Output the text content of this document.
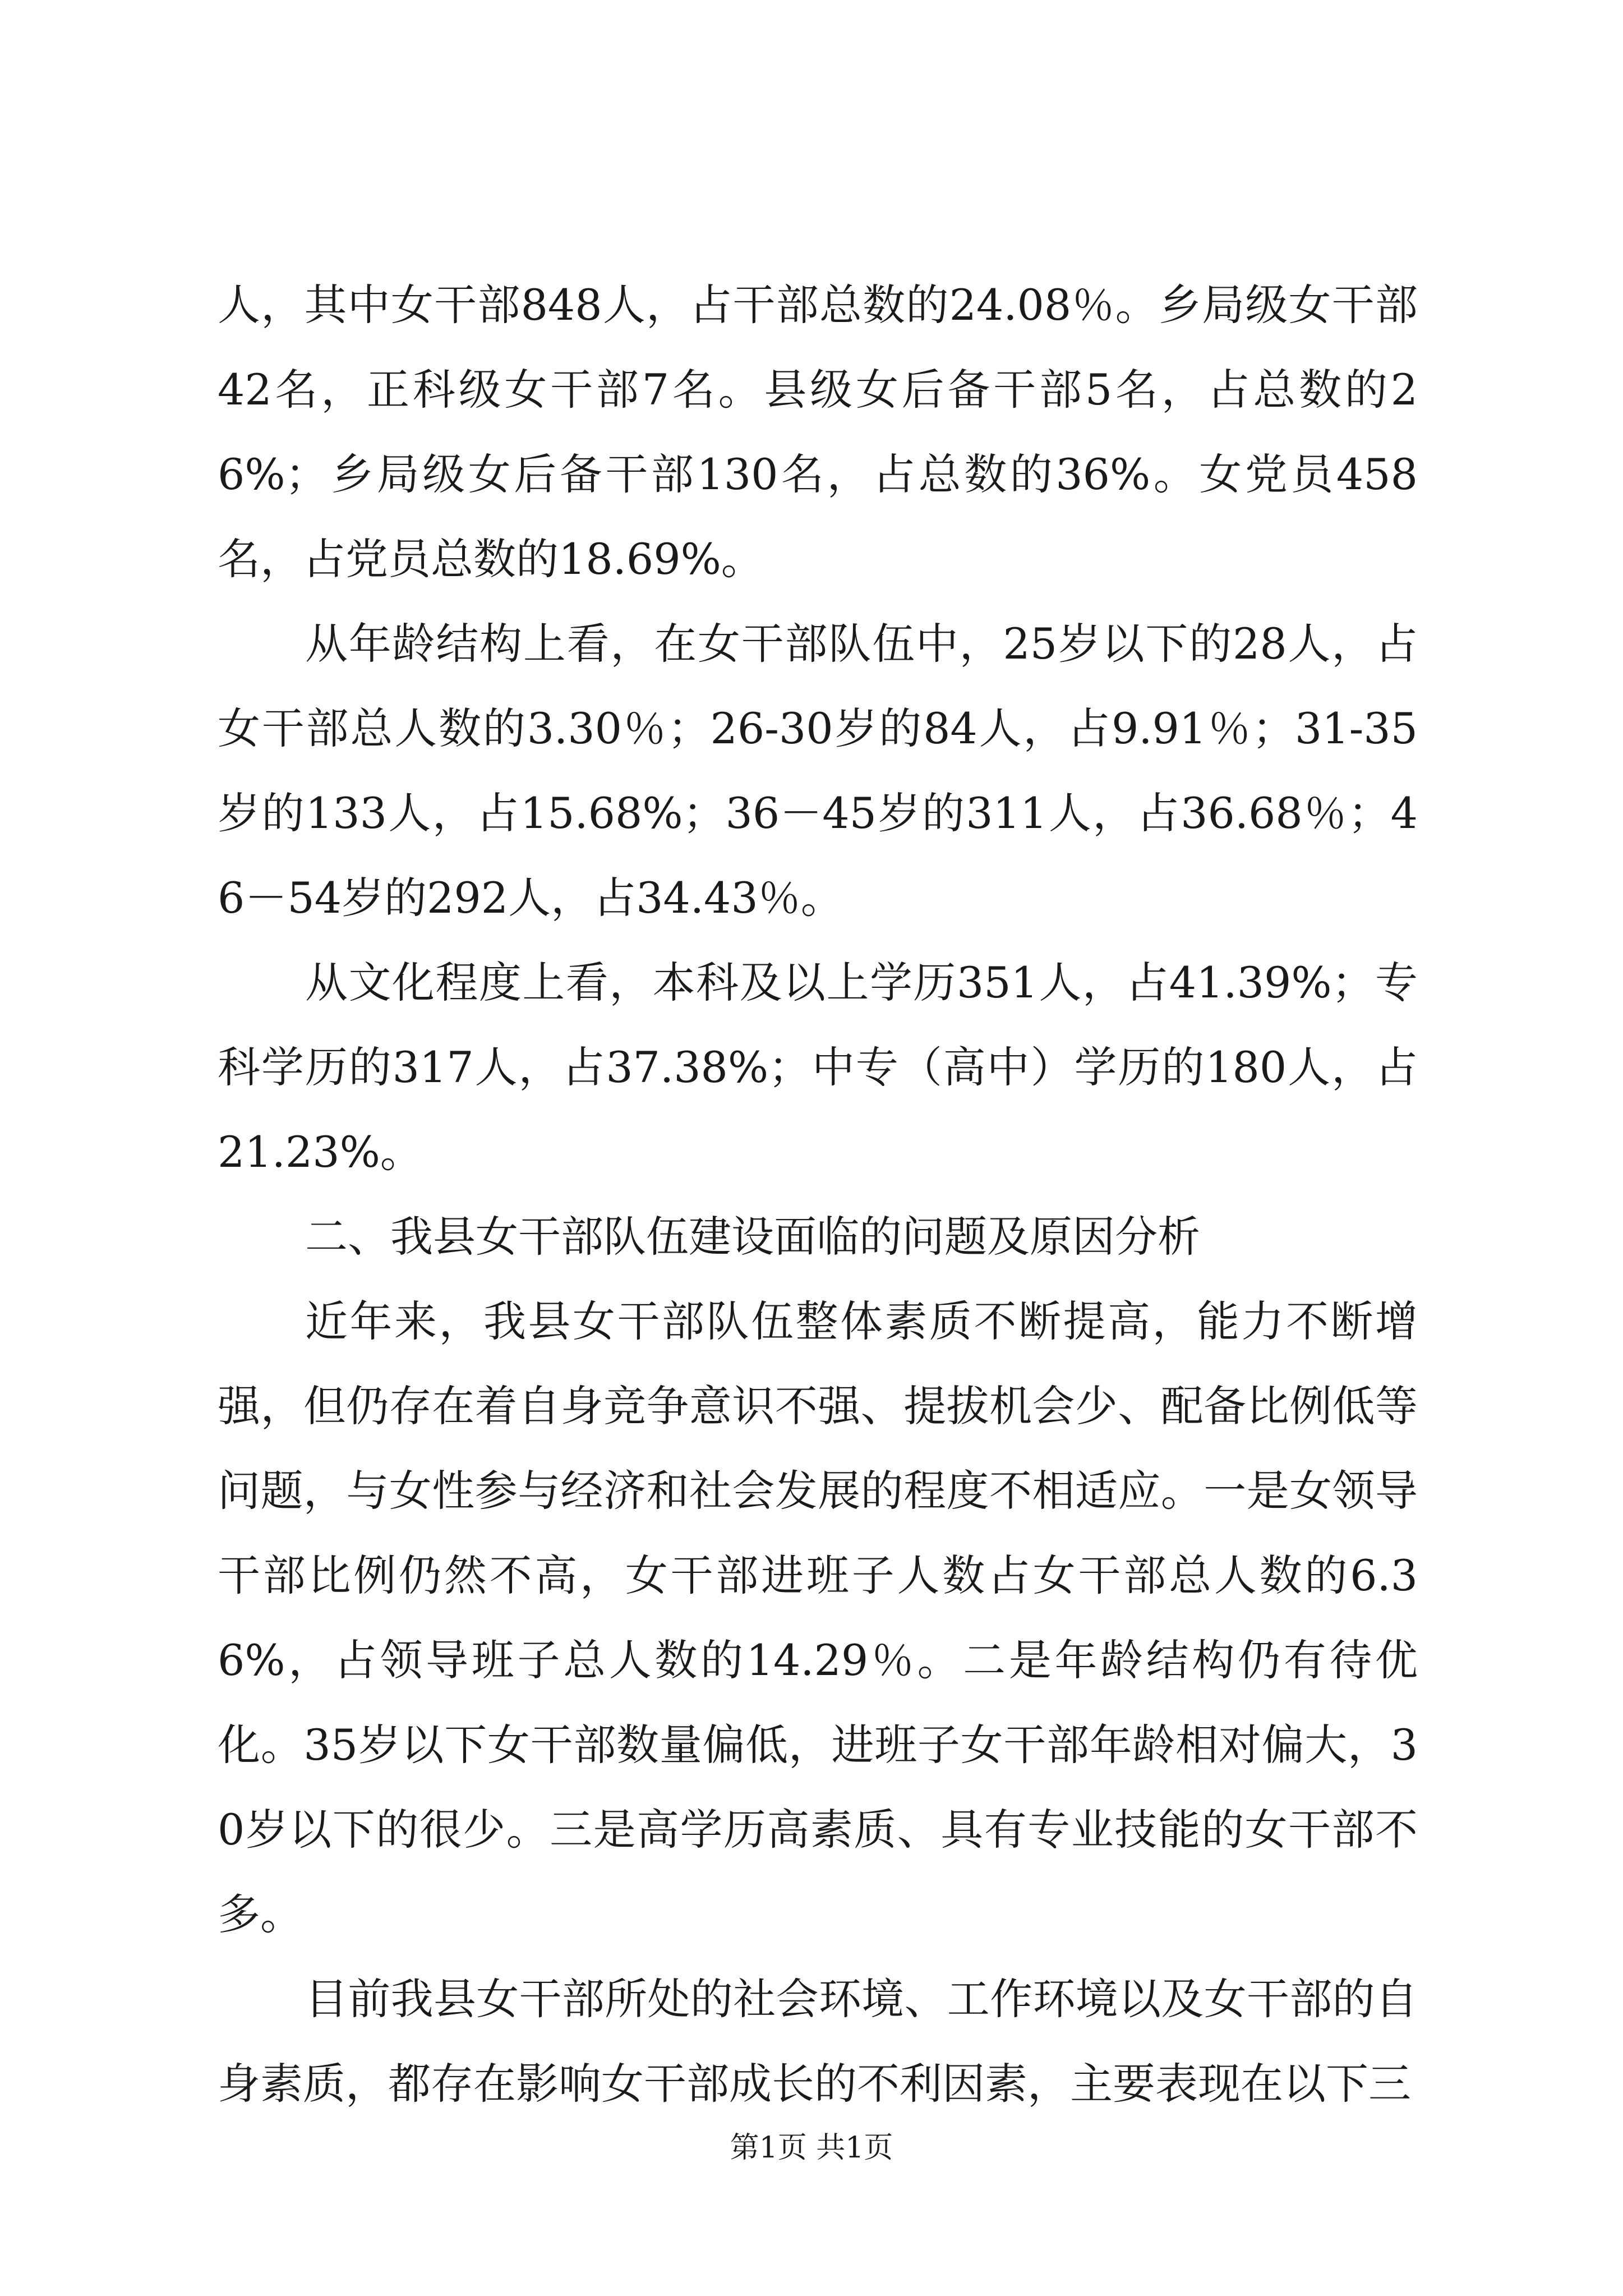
人，其中女干部848人，占干部总数的24.08％。乡局级女干部42名，正科级女干部7名。县级女后备干部5名，占总数的26%；乡局级女后备干部130名，占总数的36%。女党员458名，占党员总数的18.69%。

从年龄结构上看，在女干部队伍中，25岁以下的28人，占女干部总人数的3.30％；26-30岁的84人，占9.91％；31-35岁的133人，占15.68%；36－45岁的311人，占36.68％；46－54岁的292人，占34.43％。

从文化程度上看，本科及以上学历351人，占41.39%；专科学历的317人，占37.38%；中专（高中）学历的180人，占21.23%。

二、我县女干部队伍建设面临的问题及原因分析

近年来，我县女干部队伍整体素质不断提高，能力不断增强，但仍存在着自身竞争意识不强、提拔机会少、配备比例低等问题，与女性参与经济和社会发展的程度不相适应。一是女领导干部比例仍然不高，女干部进班子人数占女干部总人数的6.36%，占领导班子总人数的14.29％。二是年龄结构仍有待优化。35岁以下女干部数量偏低，进班子女干部年龄相对偏大，30岁以下的很少。三是高学历高素质、具有专业技能的女干部不多。

目前我县女干部所处的社会环境、工作环境以及女干部的自身素质，都存在影响女干部成长的不利因素，主要表现在以下三

第1页 共1页
